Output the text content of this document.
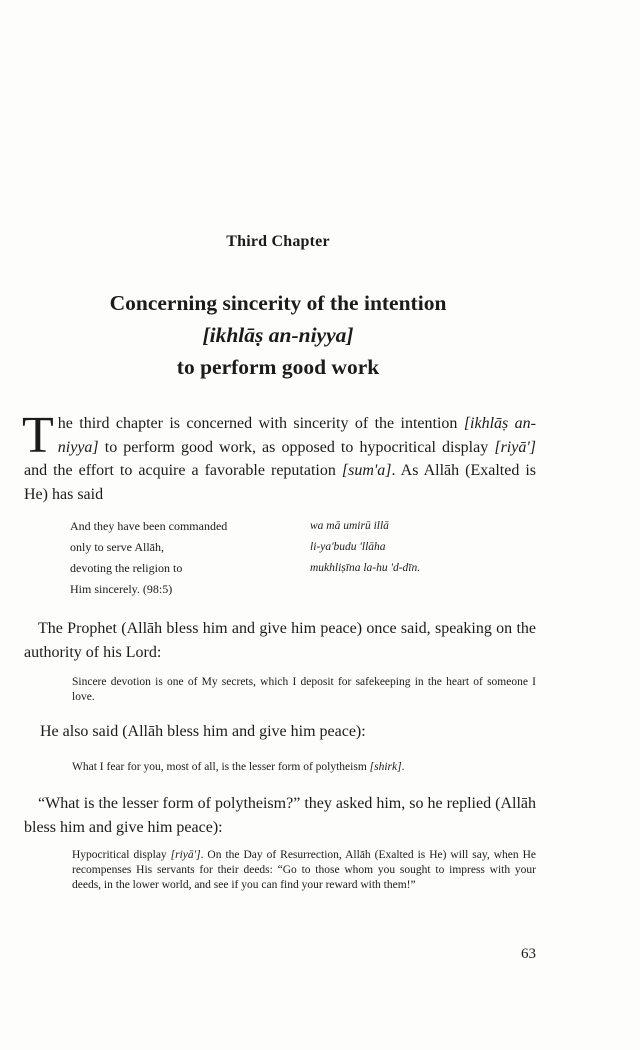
Third Chapter
Concerning sincerity of the intention
[ikhlāṣ an-niyya]
to perform good work
The third chapter is concerned with sincerity of the intention [ikhlāṣ an-niyya] to perform good work, as opposed to hypocritical display [riyā'] and the effort to acquire a favorable reputation [sum'a]. As Allāh (Exalted is He) has said
And they have been commanded	wa mā umirū illā
only to serve Allāh,	li-ya'budu 'llāha
devoting the religion to	mukhliṣīna la-hu 'd-dīn.
Him sincerely. (98:5)
The Prophet (Allāh bless him and give him peace) once said, speaking on the authority of his Lord:
Sincere devotion is one of My secrets, which I deposit for safekeeping in the heart of someone I love.
He also said (Allāh bless him and give him peace):
What I fear for you, most of all, is the lesser form of polytheism [shirk].
“What is the lesser form of polytheism?” they asked him, so he replied (Allāh bless him and give him peace):
Hypocritical display [riyā']. On the Day of Resurrection, Allāh (Exalted is He) will say, when He recompenses His servants for their deeds: “Go to those whom you sought to impress with your deeds, in the lower world, and see if you can find your reward with them!”
63
